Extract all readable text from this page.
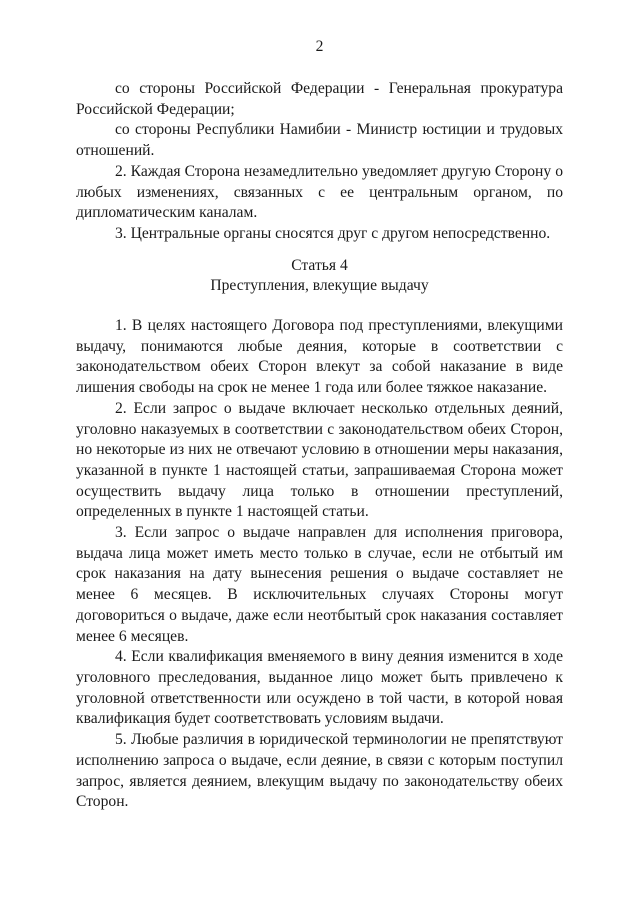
2

со стороны Российской Федерации - Генеральная прокуратура Российской Федерации;

со стороны Республики Намибии - Министр юстиции и трудовых отношений.

2. Каждая Сторона незамедлительно уведомляет другую Сторону о любых изменениях, связанных с ее центральным органом, по дипломатическим каналам.

3. Центральные органы сносятся друг с другом непосредственно.

Статья 4

Преступления, влекущие выдачу

1. В целях настоящего Договора под преступлениями, влекущими выдачу, понимаются любые деяния, которые в соответствии с законодательством обеих Сторон влекут за собой наказание в виде лишения свободы на срок не менее 1 года или более тяжкое наказание.

2. Если запрос о выдаче включает несколько отдельных деяний, уголовно наказуемых в соответствии с законодательством обеих Сторон, но некоторые из них не отвечают условию в отношении меры наказания, указанной в пункте 1 настоящей статьи, запрашиваемая Сторона может осуществить выдачу лица только в отношении преступлений, определенных в пункте 1 настоящей статьи.

3. Если запрос о выдаче направлен для исполнения приговора, выдача лица может иметь место только в случае, если не отбытый им срок наказания на дату вынесения решения о выдаче составляет не менее 6 месяцев. В исключительных случаях Стороны могут договориться о выдаче, даже если неотбытый срок наказания составляет менее 6 месяцев.

4. Если квалификация вменяемого в вину деяния изменится в ходе уголовного преследования, выданное лицо может быть привлечено к уголовной ответственности или осуждено в той части, в которой новая квалификация будет соответствовать условиям выдачи.

5. Любые различия в юридической терминологии не препятствуют исполнению запроса о выдаче, если деяние, в связи с которым поступил запрос, является деянием, влекущим выдачу по законодательству обеих Сторон.
